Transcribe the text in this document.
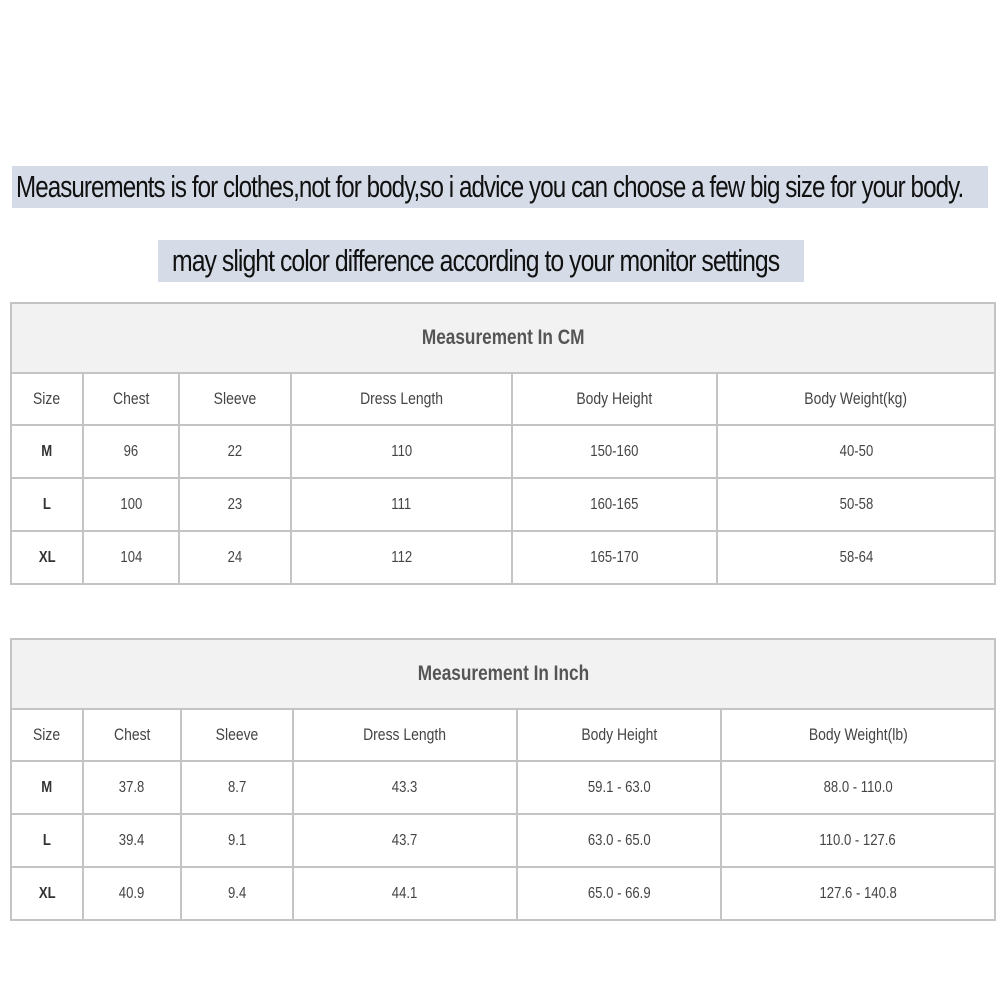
Measurements is for clothes,not for body,so i advice you can choose a few big size for your body.
may slight color difference according to your monitor settings
Measurement In CM					
Size	Chest	Sleeve	Dress Length	Body Height	Body Weight(kg)
M	96	22	110	150-160	40-50
L	100	23	111	160-165	50-58
XL	104	24	112	165-170	58-64
Measurement In Inch					
Size	Chest	Sleeve	Dress Length	Body Height	Body Weight(lb)
M	37.8	8.7	43.3	59.1 - 63.0	88.0 - 110.0
L	39.4	9.1	43.7	63.0 - 65.0	110.0 - 127.6
XL	40.9	9.4	44.1	65.0 - 66.9	127.6 - 140.8
